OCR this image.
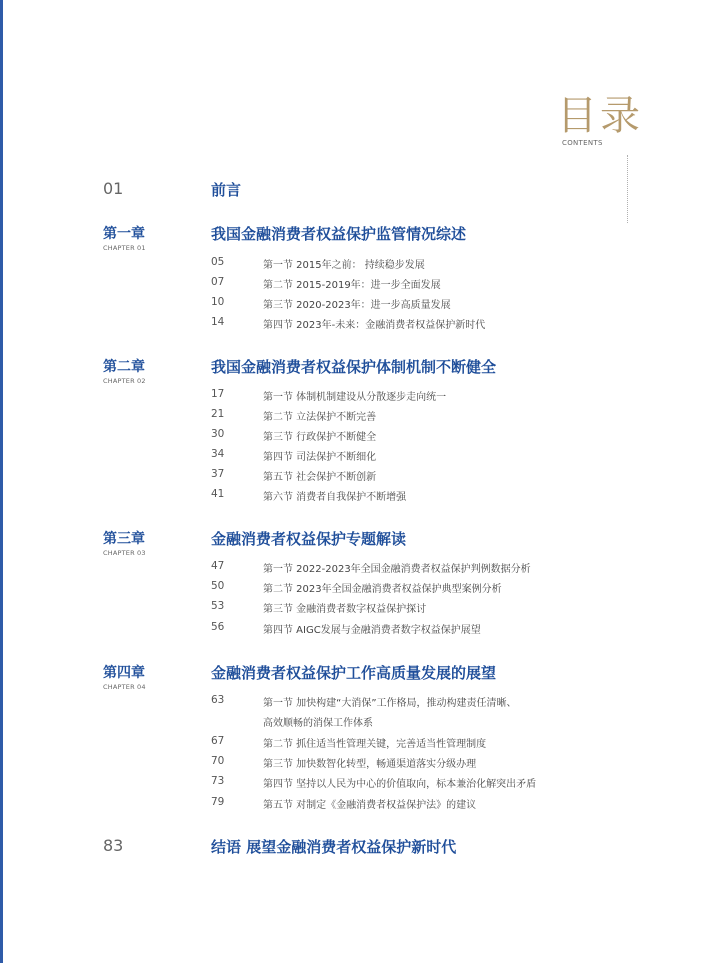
目录
CONTENTS
01	前言
第一章
CHAPTER 01
我国金融消费者权益保护监管情况综述
05	第一节 2015年之前： 持续稳步发展
07	第二节 2015-2019年：进一步全面发展
10	第三节 2020-2023年：进一步高质量发展
14	第四节 2023年-未来：金融消费者权益保护新时代
第二章
CHAPTER 02
我国金融消费者权益保护体制机制不断健全
17	第一节 体制机制建设从分散逐步走向统一
21	第二节 立法保护不断完善
30	第三节 行政保护不断健全
34	第四节 司法保护不断细化
37	第五节 社会保护不断创新
41	第六节 消费者自我保护不断增强
第三章
CHAPTER 03
金融消费者权益保护专题解读
47	第一节 2022-2023年全国金融消费者权益保护判例数据分析
50	第二节 2023年全国金融消费者权益保护典型案例分析
53	第三节 金融消费者数字权益保护探讨
56	第四节 AIGC发展与金融消费者数字权益保护展望
第四章
CHAPTER 04
金融消费者权益保护工作高质量发展的展望
63	第一节 加快构建“大消保”工作格局，推动构建责任清晰、
高效顺畅的消保工作体系
67	第二节 抓住适当性管理关键，完善适当性管理制度
70	第三节 加快数智化转型，畅通渠道落实分级办理
73	第四节 坚持以人民为中心的价值取向，标本兼治化解突出矛盾
79	第五节 对制定《金融消费者权益保护法》的建议
83	结语 展望金融消费者权益保护新时代
